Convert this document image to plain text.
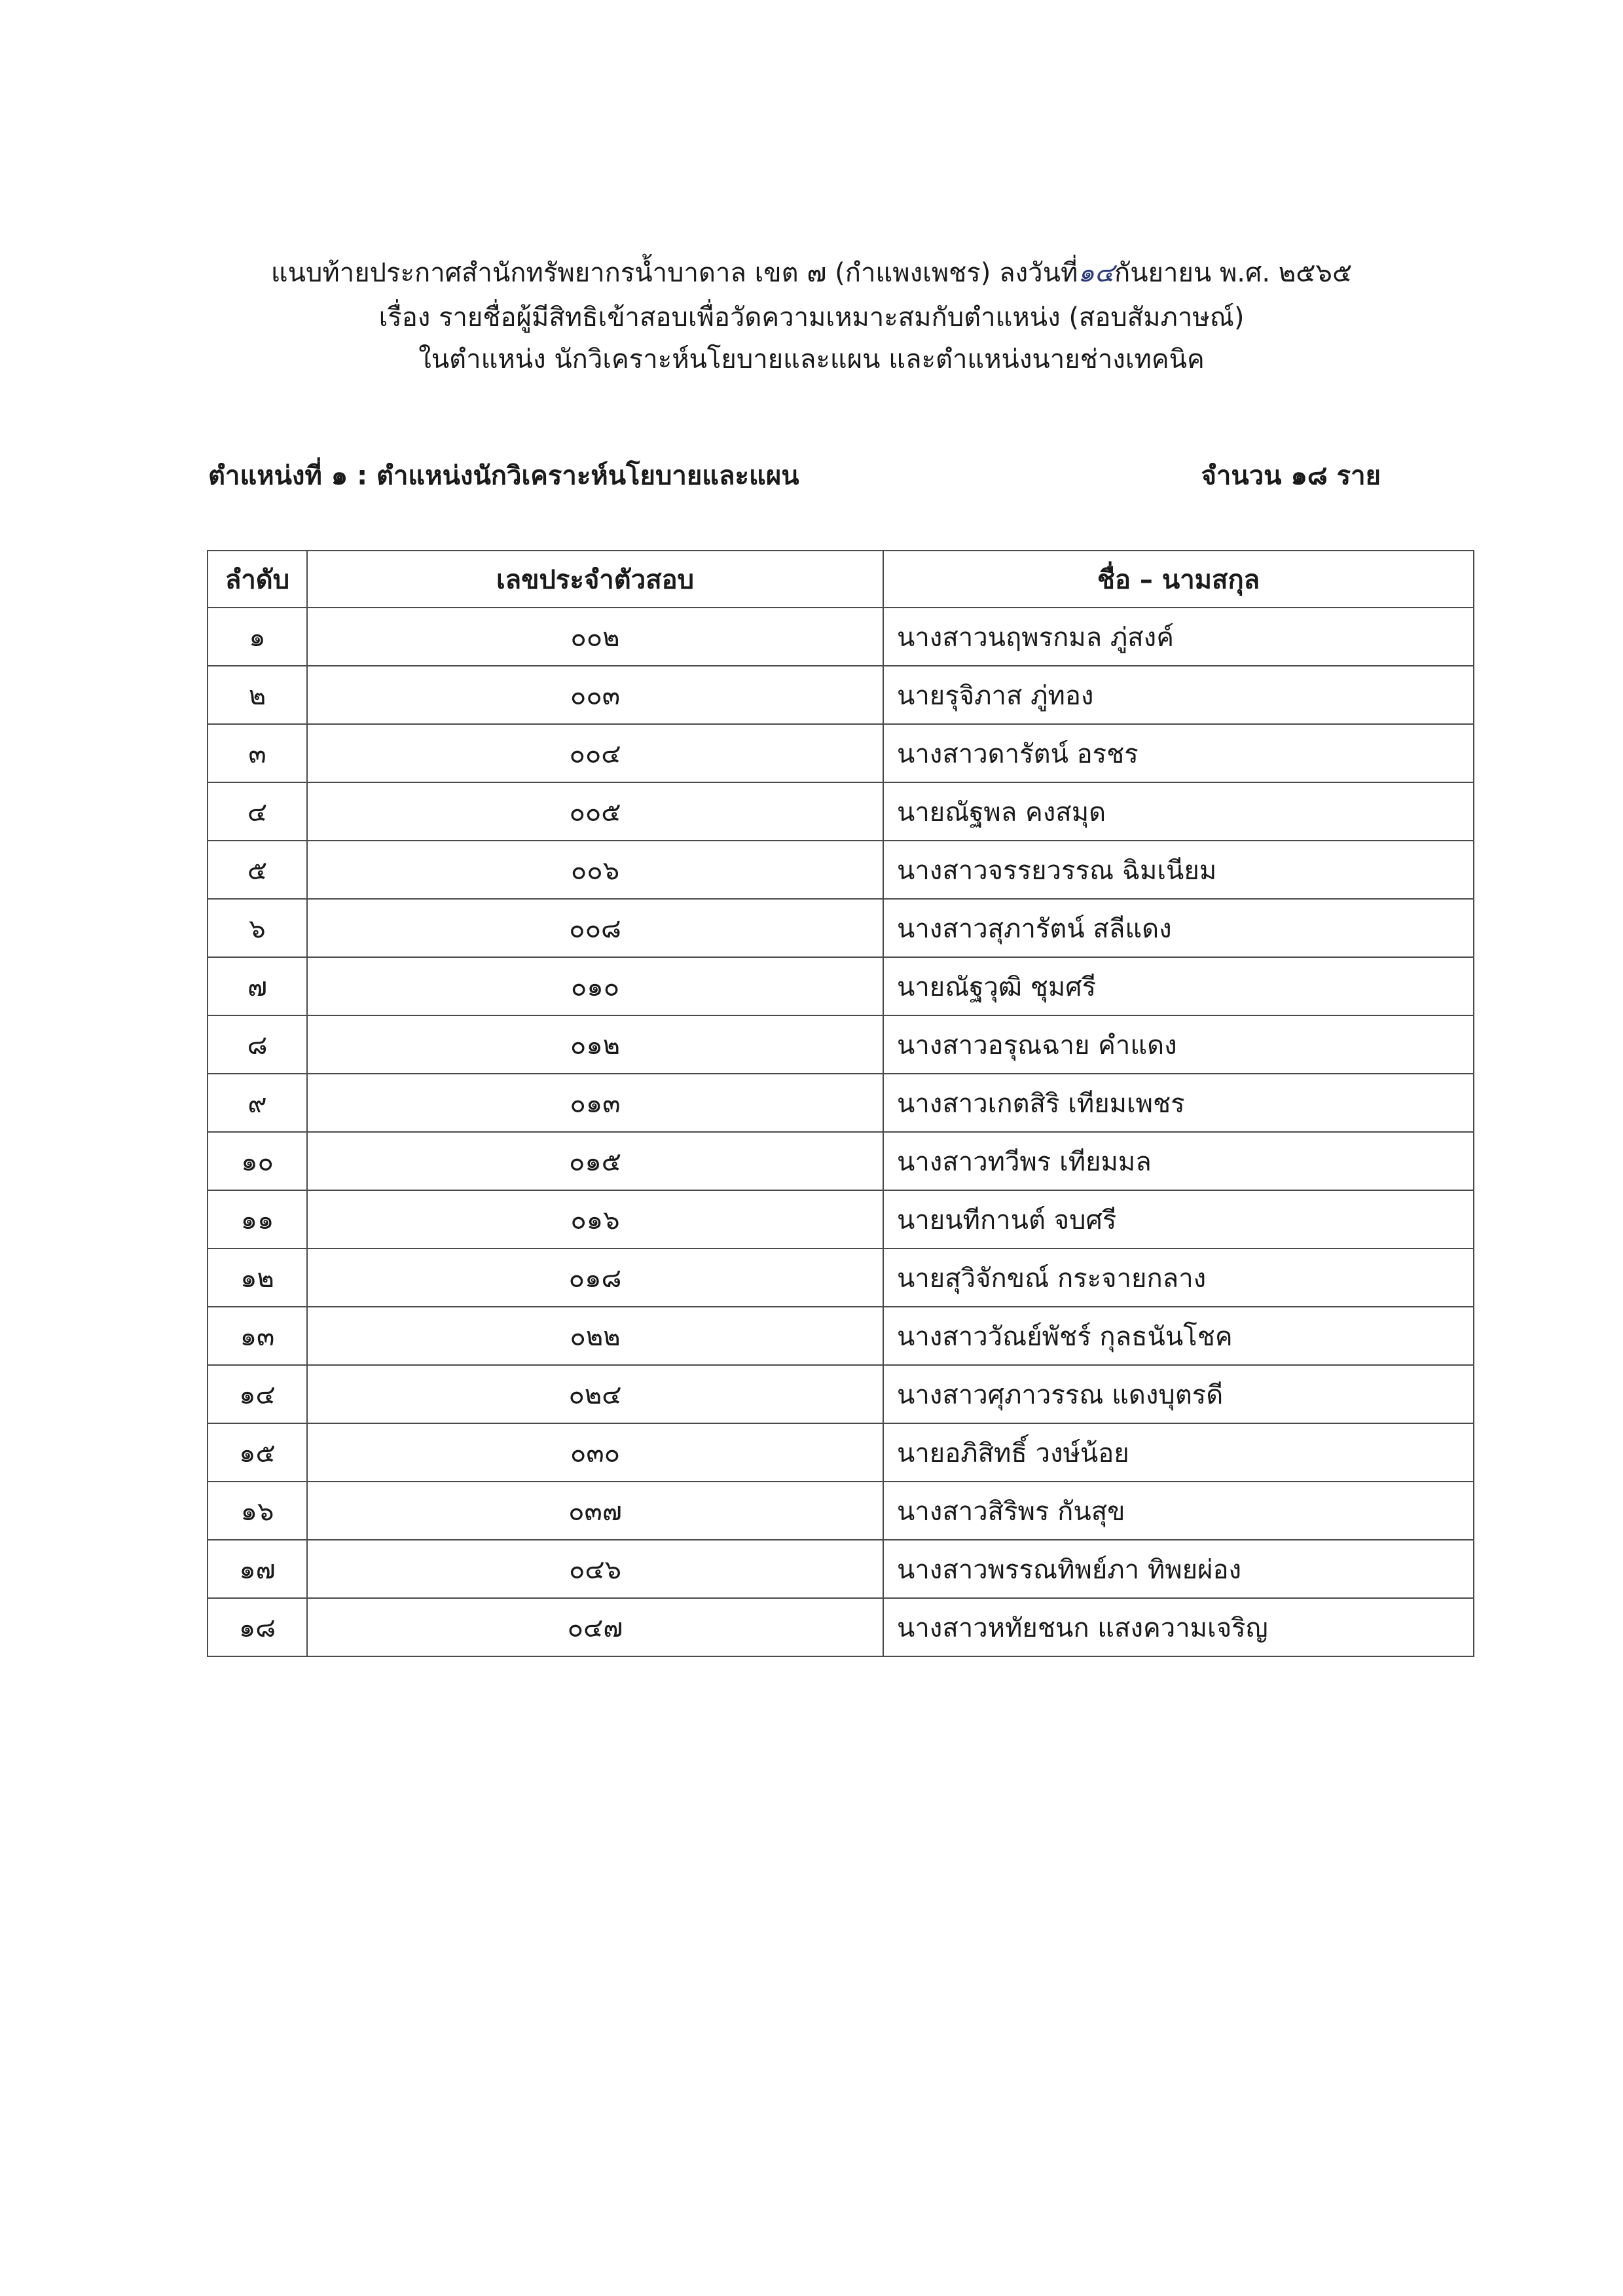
แนบท้ายประกาศสำนักทรัพยากรน้ำบาดาล เขต ๗ (กำแพงเพชร) ลงวันที่๑๔กันยายน พ.ศ. ๒๕๖๕
เรื่อง รายชื่อผู้มีสิทธิเข้าสอบเพื่อวัดความเหมาะสมกับตำแหน่ง (สอบสัมภาษณ์)
ในตำแหน่ง นักวิเคราะห์นโยบายและแผน และตำแหน่งนายช่างเทคนิค
ตำแหน่งที่ ๑ : ตำแหน่งนักวิเคราะห์นโยบายและแผน	จำนวน ๑๘ ราย
ลำดับ	เลขประจำตัวสอบ	ชื่อ – นามสกุล
๑	๐๐๒	นางสาวนฤพรกมล ภู่สงค์
๒	๐๐๓	นายรุจิภาส ภู่ทอง
๓	๐๐๔	นางสาวดารัตน์ อรชร
๔	๐๐๕	นายณัฐพล คงสมุด
๕	๐๐๖	นางสาวจรรยวรรณ ฉิมเนียม
๖	๐๐๘	นางสาวสุภารัตน์ สลีแดง
๗	๐๑๐	นายณัฐวุฒิ ชุมศรี
๘	๐๑๒	นางสาวอรุณฉาย คำแดง
๙	๐๑๓	นางสาวเกตสิริ เทียมเพชร
๑๐	๐๑๕	นางสาวทวีพร เทียมมล
๑๑	๐๑๖	นายนทีกานต์ จบศรี
๑๒	๐๑๘	นายสุวิจักขณ์ กระจายกลาง
๑๓	๐๒๒	นางสาววัณย์พัชร์ กุลธนันโชค
๑๔	๐๒๔	นางสาวศุภาวรรณ แดงบุตรดี
๑๕	๐๓๐	นายอภิสิทธิ์ วงษ์น้อย
๑๖	๐๓๗	นางสาวสิริพร กันสุข
๑๗	๐๔๖	นางสาวพรรณทิพย์ภา ทิพยผ่อง
๑๘	๐๔๗	นางสาวหทัยชนก แสงความเจริญ
